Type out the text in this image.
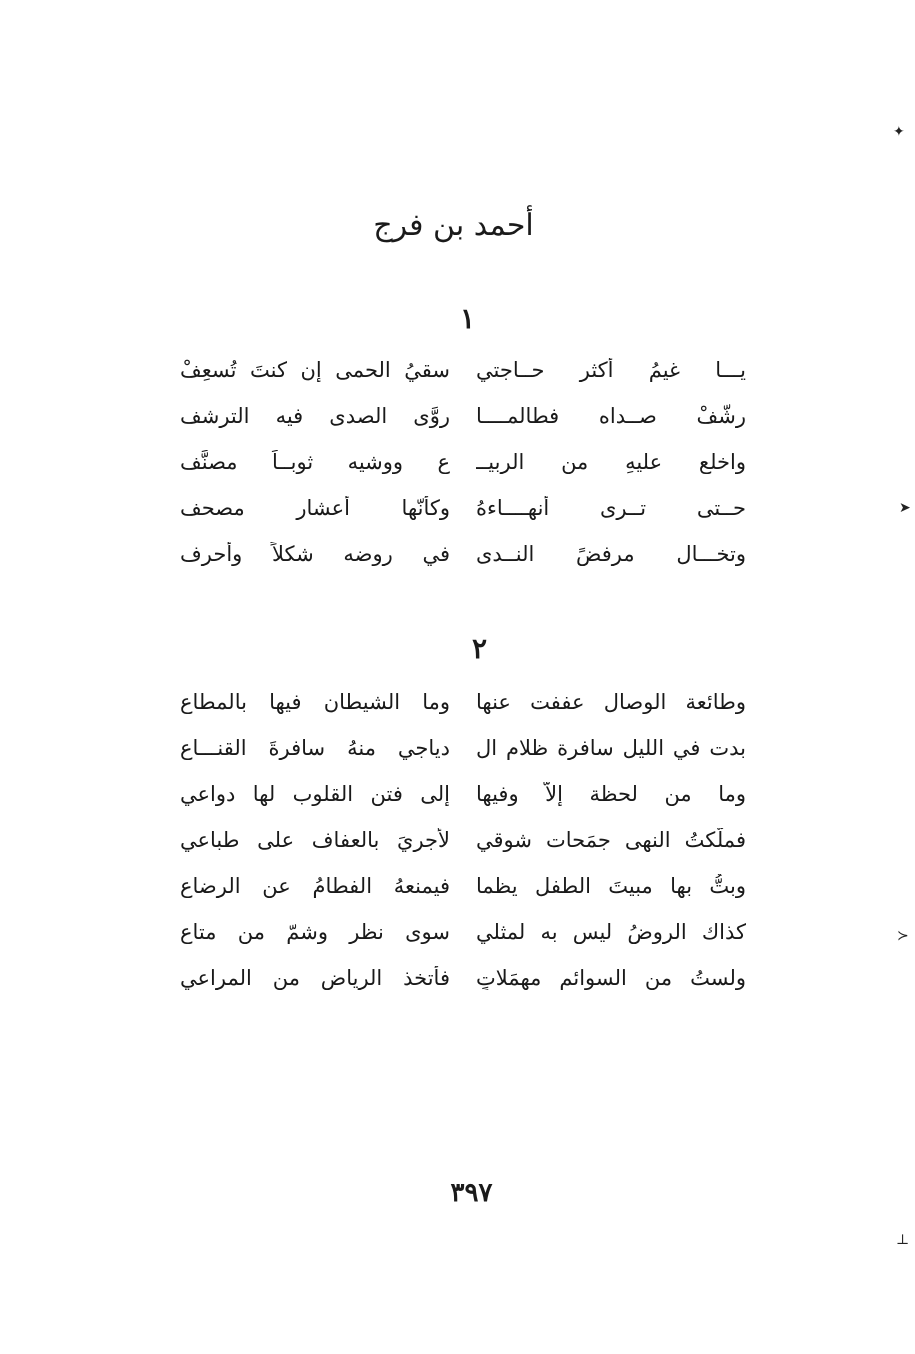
أحمد بن فرج
١
يـــا غيمُ أكثر حــاجتي
سقيُ الحمى إن كنتَ تُسعِفْ
رشّفْ صــداه فطالمــــا
روَّى الصدى فيه الترشف
واخلع عليهِ من الربيــ
ع ووشيه ثوبــاً مصنَّف
حــتى تــرى أنهــــاءهُ
وكأنّها أعشار مصحف
وتخـــال مرفضً النــدى
في روضه شكلاً وأحرف
٢
وطائعة الوصال عففت عنها
وما الشيطان فيها بالمطاعِ
بدت في الليل سافرة ظلام ال
دياجي منهُ سافرةَ القنـــاعِ
وما من لحظة إلاّ وفيها
إلى فتن القلوب لها دواعي
فملّكتُ النهى جمَحات شوقي
لأجريَ بالعفاف على طباعي
وبتُّ بها مبيتَ الطفل يظما
فيمنعهُ الفطامُ عن الرضاعِ
كذاك الروضُ ليس به لمثلي
سوى نظرٍ وشمّ من متاعِ
ولستُ من السوائمِ مهمَلاتٍ
فأتخذ الرياض من المراعي
٣٩٧
✦
➤
≻
⊥
